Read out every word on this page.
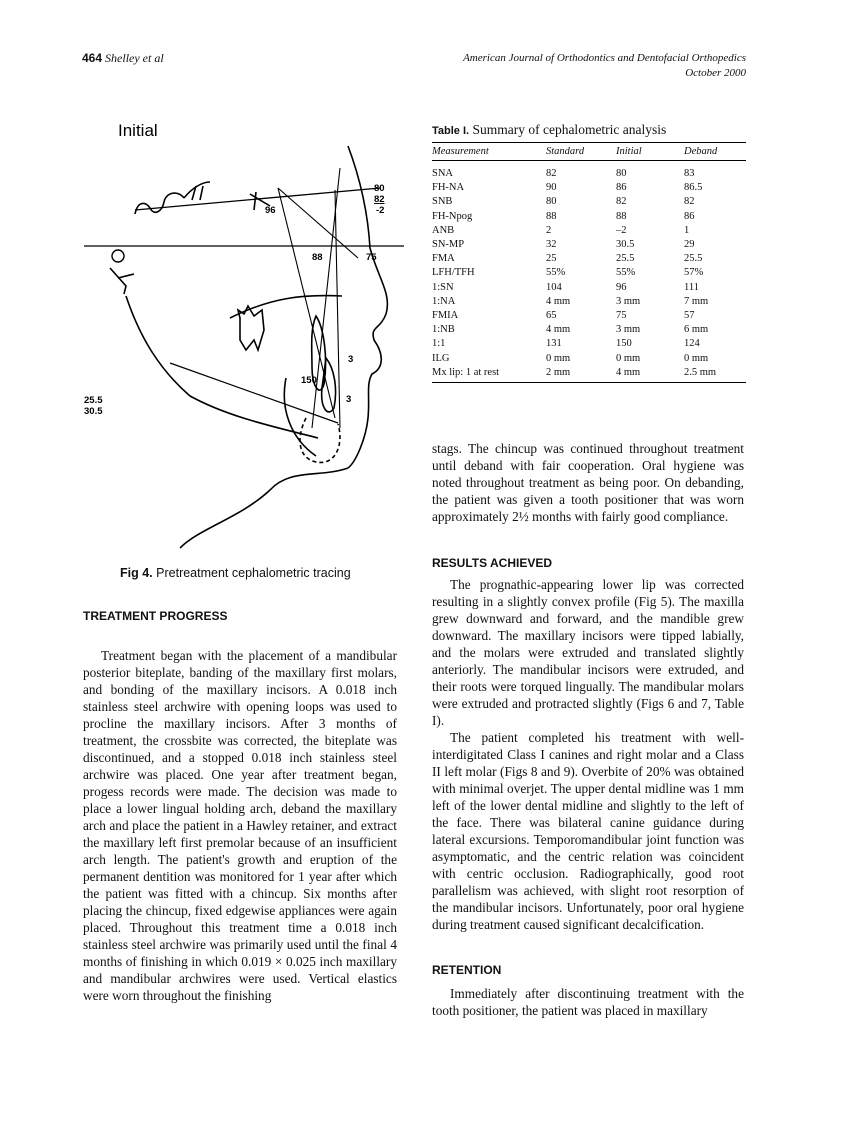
464 Shelley et al	American Journal of Orthodontics and Dentofacial Orthopedics
October 2000
Initial
80
82
-2
96
88	75
3
150
3
25.5
30.5
Fig 4. Pretreatment cephalometric tracing
Table I. Summary of cephalometric analysis
Measurement	Standard	Initial	Deband
SNA	82	80	83
FH-NA	90	86	86.5
SNB	80	82	82
FH-Npog	88	88	86
ANB	2	–2	1
SN-MP	32	30.5	29
FMA	25	25.5	25.5
LFH/TFH	55%	55%	57%
1:SN	104	96	111
1:NA	4 mm	3 mm	7 mm
FMIA	65	75	57
1:NB	4 mm	3 mm	6 mm
1:1	131	150	124
ILG	0 mm	0 mm	0 mm
Mx lip: 1 at rest	2 mm	4 mm	2.5 mm
TREATMENT PROGRESS

Treatment began with the placement of a mandibular posterior biteplate, banding of the maxillary first molars, and bonding of the maxillary incisors. A 0.018 inch stainless steel archwire with opening loops was used to procline the maxillary incisors. After 3 months of treatment, the crossbite was corrected, the biteplate was discontinued, and a stopped 0.018 inch stainless steel archwire was placed. One year after treatment began, progess records were made. The decision was made to place a lower lingual holding arch, deband the maxillary arch and place the patient in a Hawley retainer, and extract the maxillary left first premolar because of an insufficient arch length. The patient's growth and eruption of the permanent dentition was monitored for 1 year after which the patient was fitted with a chincup. Six months after placing the chincup, fixed edgewise appliances were again placed. Throughout this treatment time a 0.018 inch stainless steel archwire was primarily used until the final 4 months of finishing in which 0.019 × 0.025 inch maxillary and mandibular archwires were used. Vertical elastics were worn throughout the finishing

stags. The chincup was continued throughout treatment until deband with fair cooperation. Oral hygiene was noted throughout treatment as being poor. On debanding, the patient was given a tooth positioner that was worn approximately 2½ months with fairly good compliance.

RESULTS ACHIEVED

The prognathic-appearing lower lip was corrected resulting in a slightly convex profile (Fig 5). The maxilla grew downward and forward, and the mandible grew downward. The maxillary incisors were tipped labially, and the molars were extruded and translated slightly anteriorly. The mandibular incisors were extruded, and their roots were torqued lingually. The mandibular molars were extruded and protracted slightly (Figs 6 and 7, Table I).

The patient completed his treatment with well-interdigitated Class I canines and right molar and a Class II left molar (Figs 8 and 9). Overbite of 20% was obtained with minimal overjet. The upper dental midline was 1 mm left of the lower dental midline and slightly to the left of the face. There was bilateral canine guidance during lateral excursions. Temporomandibular joint function was asymptomatic, and the centric relation was coincident with centric occlusion. Radiographically, good root parallelism was achieved, with slight root resorption of the mandibular incisors. Unfortunately, poor oral hygiene during treatment caused significant decalcification.

RETENTION

Immediately after discontinuing treatment with the tooth positioner, the patient was placed in maxillary
